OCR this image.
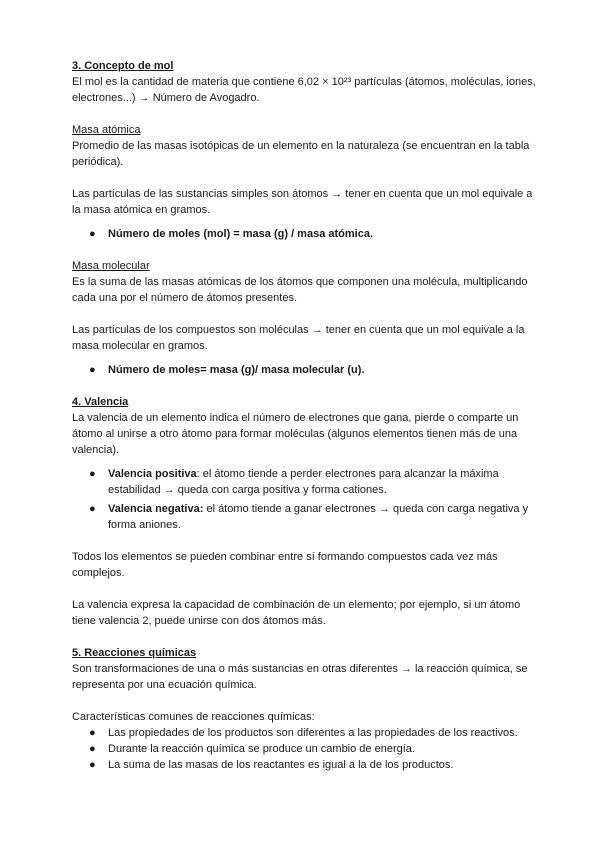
3. Concepto de mol

El mol es la cantidad de materia que contiene 6,02 × 10²³ partículas (átomos, moléculas, iones, electrones...) → Número de Avogadro.

Masa atómica

Promedio de las masas isotópicas de un elemento en la naturaleza (se encuentran en la tabla periódica).

Las partículas de las sustancias simples son átomos → tener en cuenta que un mol equivale a la masa atómica en gramos.

● Número de moles (mol) = masa (g) / masa atómica.

Masa molecular

Es la suma de las masas atómicas de los átomos que componen una molécula, multiplicando cada una por el número de átomos presentes.

Las partículas de los compuestos son moléculas → tener en cuenta que un mol equivale a la masa molecular en gramos.

● Número de moles= masa (g)/ masa molecular (u).

4. Valencia

La valencia de un elemento indica el número de electrones que gana, pierde o comparte un átomo al unirse a otro átomo para formar moléculas (algunos elementos tienen más de una valencia).

● Valencia positiva: el átomo tiende a perder electrones para alcanzar la máxima estabilidad → queda con carga positiva y forma cationes.
● Valencia negativa: el átomo tiende a ganar electrones → queda con carga negativa y forma aniones.

Todos los elementos se pueden combinar entre sí formando compuestos cada vez más complejos.

La valencia expresa la capacidad de combinación de un elemento; por ejemplo, si un átomo tiene valencia 2, puede unirse con dos átomos más.

5. Reacciones químicas

Son transformaciones de una o más sustancias en otras diferentes → la reacción química, se representa por una ecuación química.

Características comunes de reacciones químicas:

● Las propiedades de los productos son diferentes a las propiedades de los reactivos.
● Durante la reacción química se produce un cambio de energía.
● La suma de las masas de los reactantes es igual a la de los productos.
